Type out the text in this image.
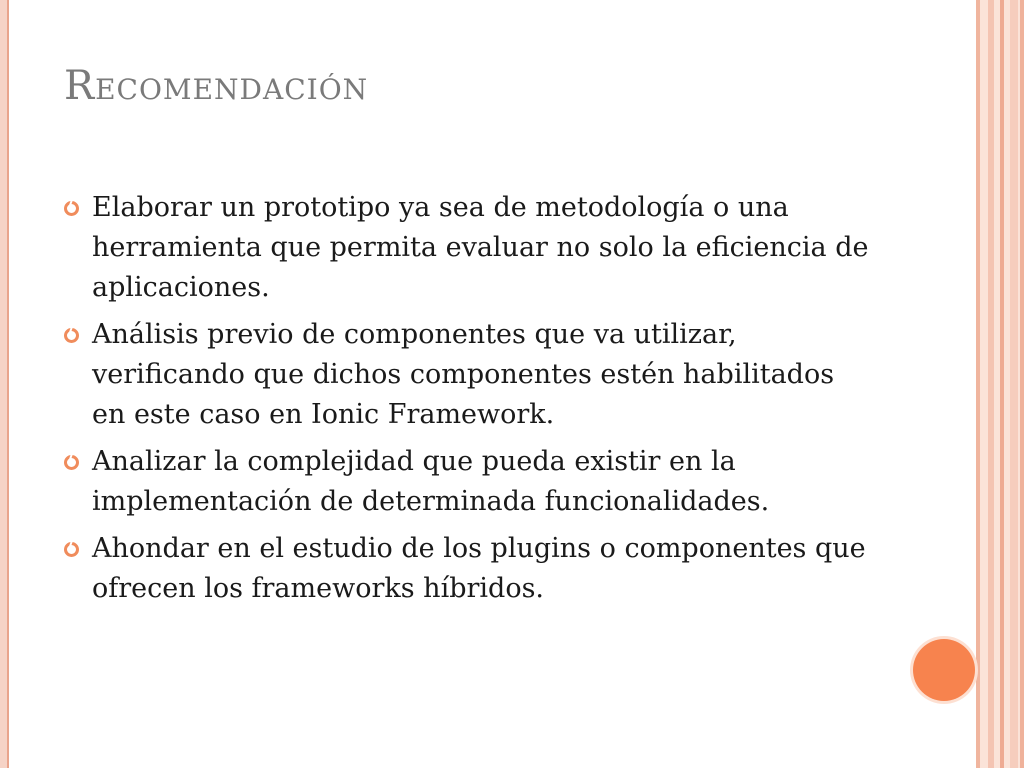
Recomendación
Elaborar un prototipo ya sea de metodología o una herramienta que permita evaluar no solo la eficiencia de aplicaciones.
Análisis previo de componentes que va utilizar, verificando que dichos componentes estén habilitados en este caso en Ionic Framework.
Analizar la complejidad que pueda existir en la implementación de determinada funcionalidades.
Ahondar en el estudio de los plugins o componentes que ofrecen los frameworks híbridos.
